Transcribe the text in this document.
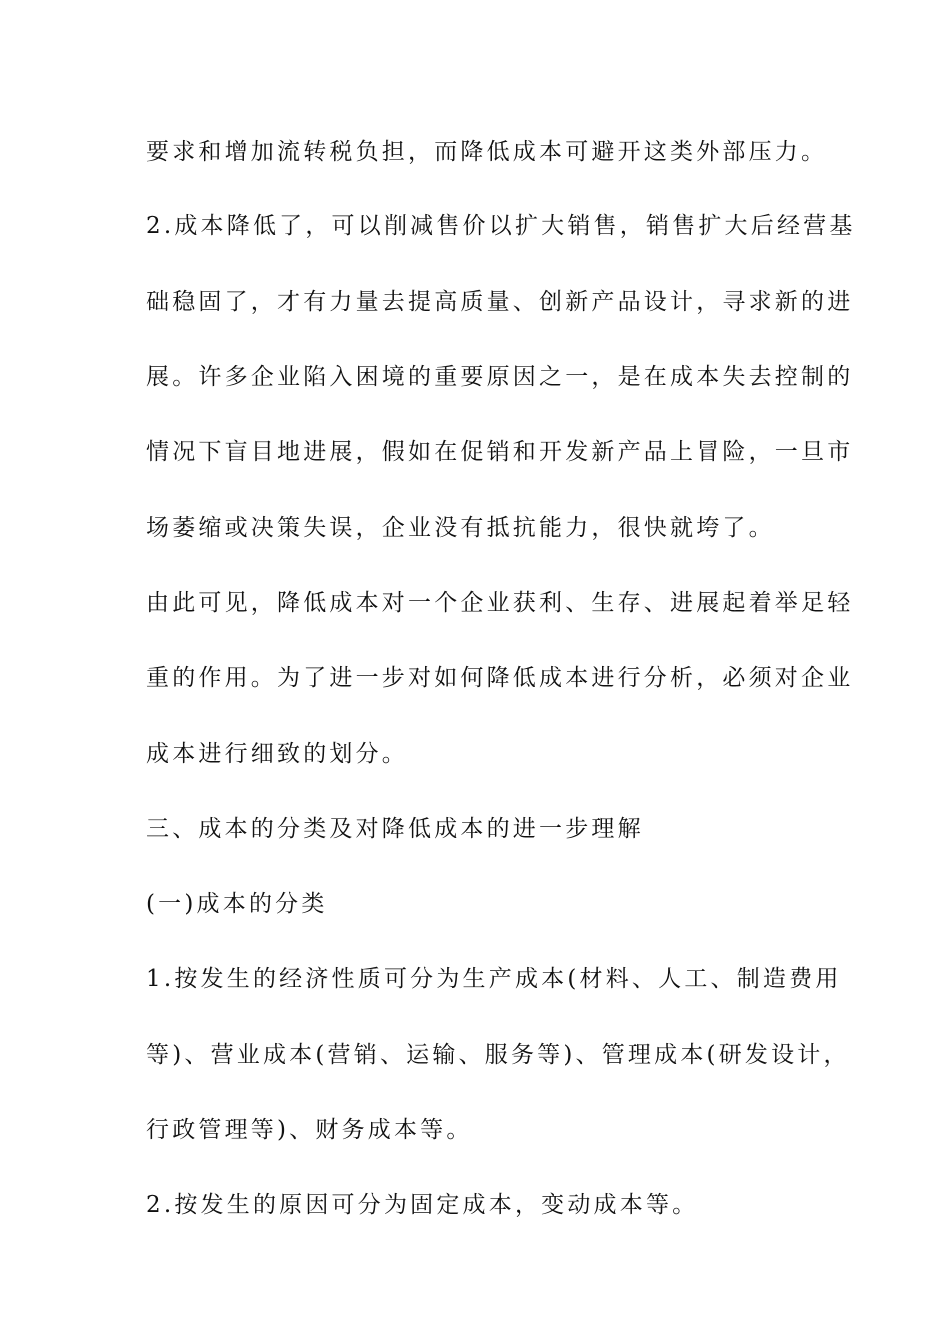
要求和增加流转税负担，而降低成本可避开这类外部压力。
2.成本降低了，可以削减售价以扩大销售，销售扩大后经营基
础稳固了，才有力量去提高质量、创新产品设计，寻求新的进
展。许多企业陷入困境的重要原因之一，是在成本失去控制的
情况下盲目地进展，假如在促销和开发新产品上冒险，一旦市
场萎缩或决策失误，企业没有抵抗能力，很快就垮了。
由此可见，降低成本对一个企业获利、生存、进展起着举足轻
重的作用。为了进一步对如何降低成本进行分析，必须对企业
成本进行细致的划分。
三、成本的分类及对降低成本的进一步理解
(一)成本的分类
1.按发生的经济性质可分为生产成本(材料、人工、制造费用
等)、营业成本(营销、运输、服务等)、管理成本(研发设计，
行政管理等)、财务成本等。
2.按发生的原因可分为固定成本，变动成本等。
